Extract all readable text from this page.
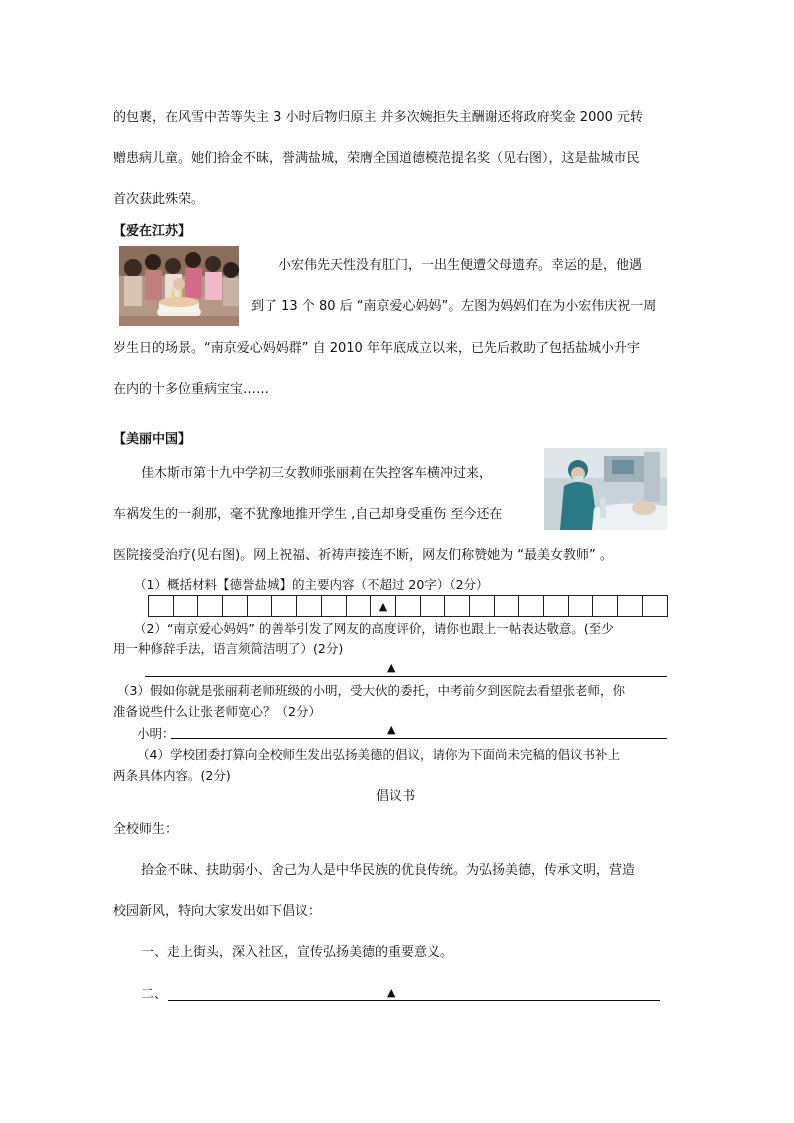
的包裹，在风雪中苦等失主 3 小时后物归原主 并多次婉拒失主酬谢还将政府奖金 2000 元转
赠患病儿童。她们拾金不昧，誉满盐城，荣膺全国道德模范提名奖（见右图），这是盐城市民
首次获此殊荣。
【爱在江苏】
小宏伟先天性没有肛门，一出生便遭父母遗弃。幸运的是，他遇
到了 13 个 80 后 “南京爱心妈妈”。左图为妈妈们在为小宏伟庆祝一周
岁生日的场景。“南京爱心妈妈群” 自 2010 年年底成立以来，已先后救助了包括盐城小升宇
在内的十多位重病宝宝……
【美丽中国】
佳木斯市第十九中学初三女教师张丽莉在失控客车横冲过来，
车祸发生的一刹那，毫不犹豫地推开学生 ,自己却身受重伤 至今还在
医院接受治疗(见右图)。网上祝福、祈祷声接连不断，网友们称赞她为 “最美女教师” 。
（1）概括材料【德誉盐城】的主要内容（不超过 20字）（2分）
▲
（2）“南京爱心妈妈” 的善举引发了网友的高度评价，请你也跟上一帖表达敬意。(至少
用一种修辞手法，语言须简洁明了）(2分)
▲
（3）假如你就是张丽莉老师班级的小明，受大伙的委托，中考前夕到医院去看望张老师，你
准备说些什么让张老师宽心？（2分）
小明：	▲
（4）学校团委打算向全校师生发出弘扬美德的倡议，请你为下面尚未完稿的倡议书补上
两条具体内容。(2分)
倡议书
全校师生：
拾金不昧、扶助弱小、舍己为人是中华民族的优良传统。为弘扬美德，传承文明，营造
校园新风，特向大家发出如下倡议：
一、走上街头，深入社区，宣传弘扬美德的重要意义。
二、	▲
